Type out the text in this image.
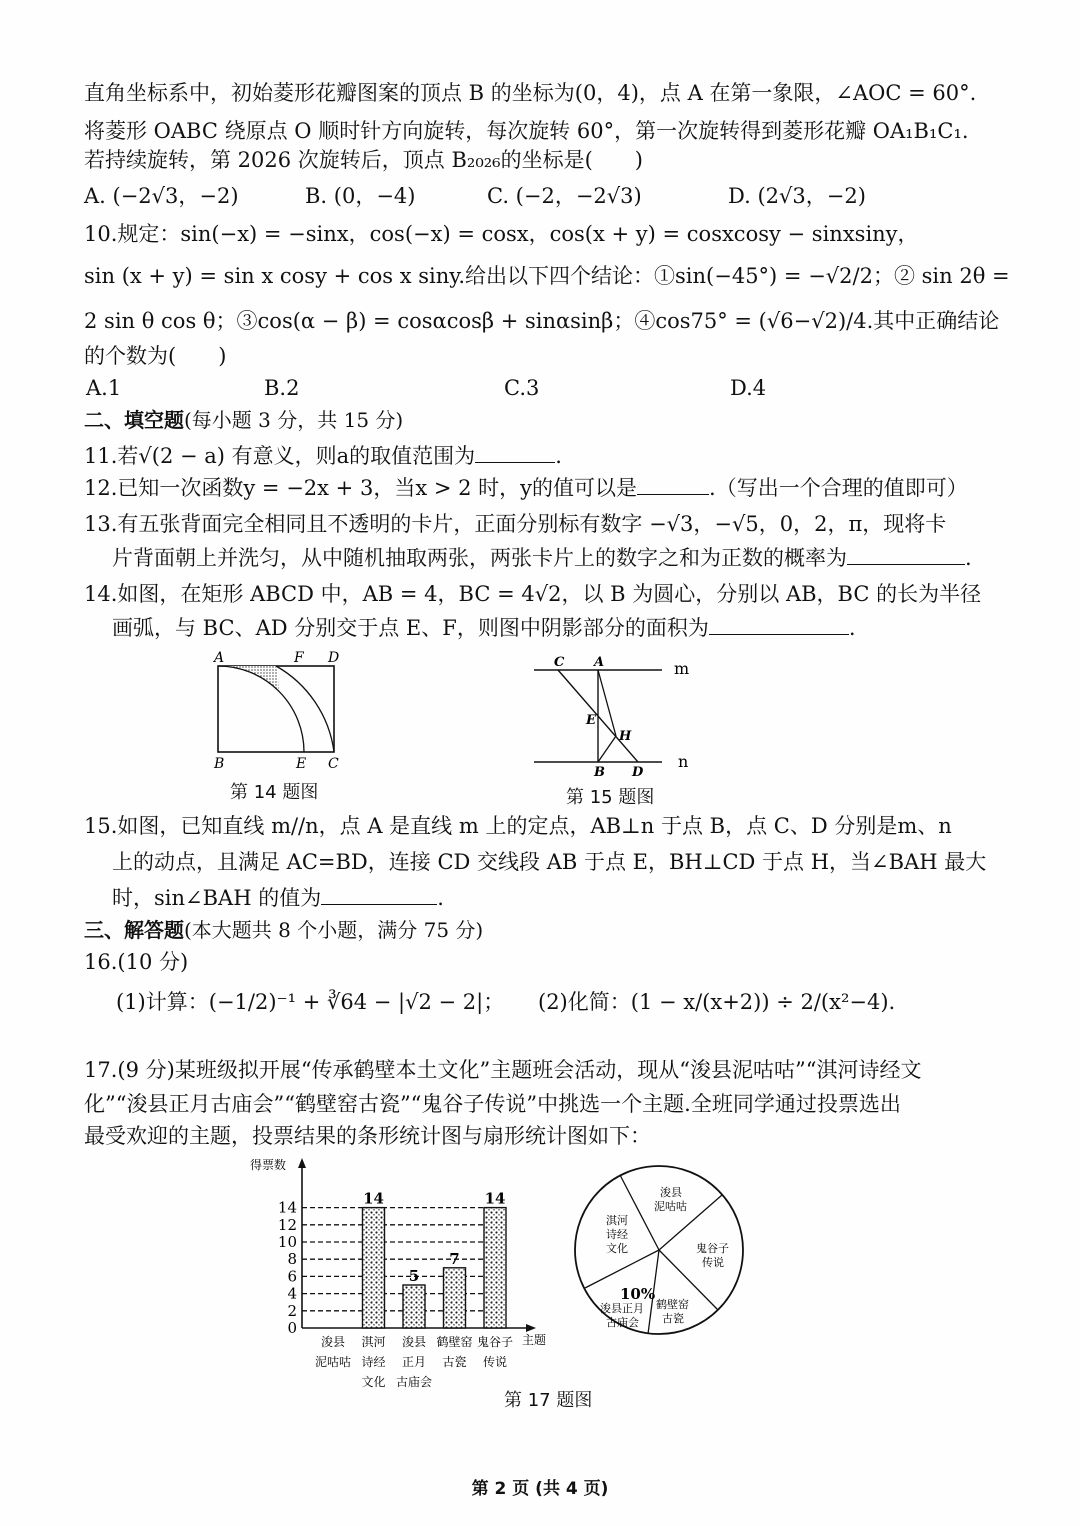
直角坐标系中，初始菱形花瓣图案的顶点 B 的坐标为(0，4)，点 A 在第一象限，∠AOC = 60°.
将菱形 OABC 绕原点 O 顺时针方向旋转，每次旋转 60°，第一次旋转得到菱形花瓣 OA₁B₁C₁.
若持续旋转，第 2026 次旋转后，顶点 B₂₀₂₆的坐标是(　　)
A. (−2√3，−2)	B. (0，−4)	C. (−2，−2√3)	D. (2√3，−2)
10.规定：sin(−x) = −sinx，cos(−x) = cosx，cos(x + y) = cosxcosy − sinxsiny，
sin (x + y) = sin x cosy + cos x siny.给出以下四个结论：①sin(−45°) = −√2/2；② sin 2θ =
2 sin θ cos θ；③cos(α − β) = cosαcosβ + sinαsinβ；④cos75° = (√6−√2)/4.其中正确结论
的个数为(　　)
A.1	B.2	C.3	D.4
二、填空题(每小题 3 分，共 15 分)
11.若√(2 − a) 有意义，则a的取值范围为	.
12.已知一次函数y = −2x + 3，当x > 2 时，y的值可以是	.（写出一个合理的值即可）
13.有五张背面完全相同且不透明的卡片，正面分别标有数字 −√3，−√5，0，2，π，现将卡
片背面朝上并洗匀，从中随机抽取两张，两张卡片上的数字之和为正数的概率为	.
14.如图，在矩形 ABCD 中，AB = 4，BC = 4√2，以 B 为圆心，分别以 AB，BC 的长为半径
画弧，与 BC、AD 分别交于点 E、F，则图中阴影部分的面积为	.
A	F D
B	E C
第 14 题图
C A	m
E
H
B D
n
第 15 题图
15.如图，已知直线 m//n，点 A 是直线 m 上的定点，AB⊥n 于点 B，点 C、D 分别是m、n
上的动点，且满足 AC=BD，连接 CD 交线段 AB 于点 E，BH⊥CD 于点 H，当∠BAH 最大
时，sin∠BAH 的值为	.
三、解答题(本大题共 8 个小题，满分 75 分)
16.(10 分)
(1)计算：(−1/2)⁻¹ + ∛64 − |√2 − 2|； (2)化简：(1 − x/(x+2)) ÷ 2/(x²−4).
17.(9 分)某班级拟开展“传承鹤壁本土文化”主题班会活动，现从“浚县泥咕咕”“淇河诗经文
化”“浚县正月古庙会”“鹤壁窑古瓷”“鬼谷子传说”中挑选一个主题.全班同学通过投票选出
最受欢迎的主题，投票结果的条形统计图与扇形统计图如下：
得票数
主题
0
2
4
6
8
10
12
14
浚县泥咕咕
14
淇河诗经文化
5
浚县正月古庙会
7
鹤壁窑古瓷
14
鬼谷子传说
浚县泥咕咕
淇河诗经文化	鬼谷子传说
鹤壁窑古瓷
10%
浚县正月古庙会
第 17 题图
第 2 页 (共 4 页)
